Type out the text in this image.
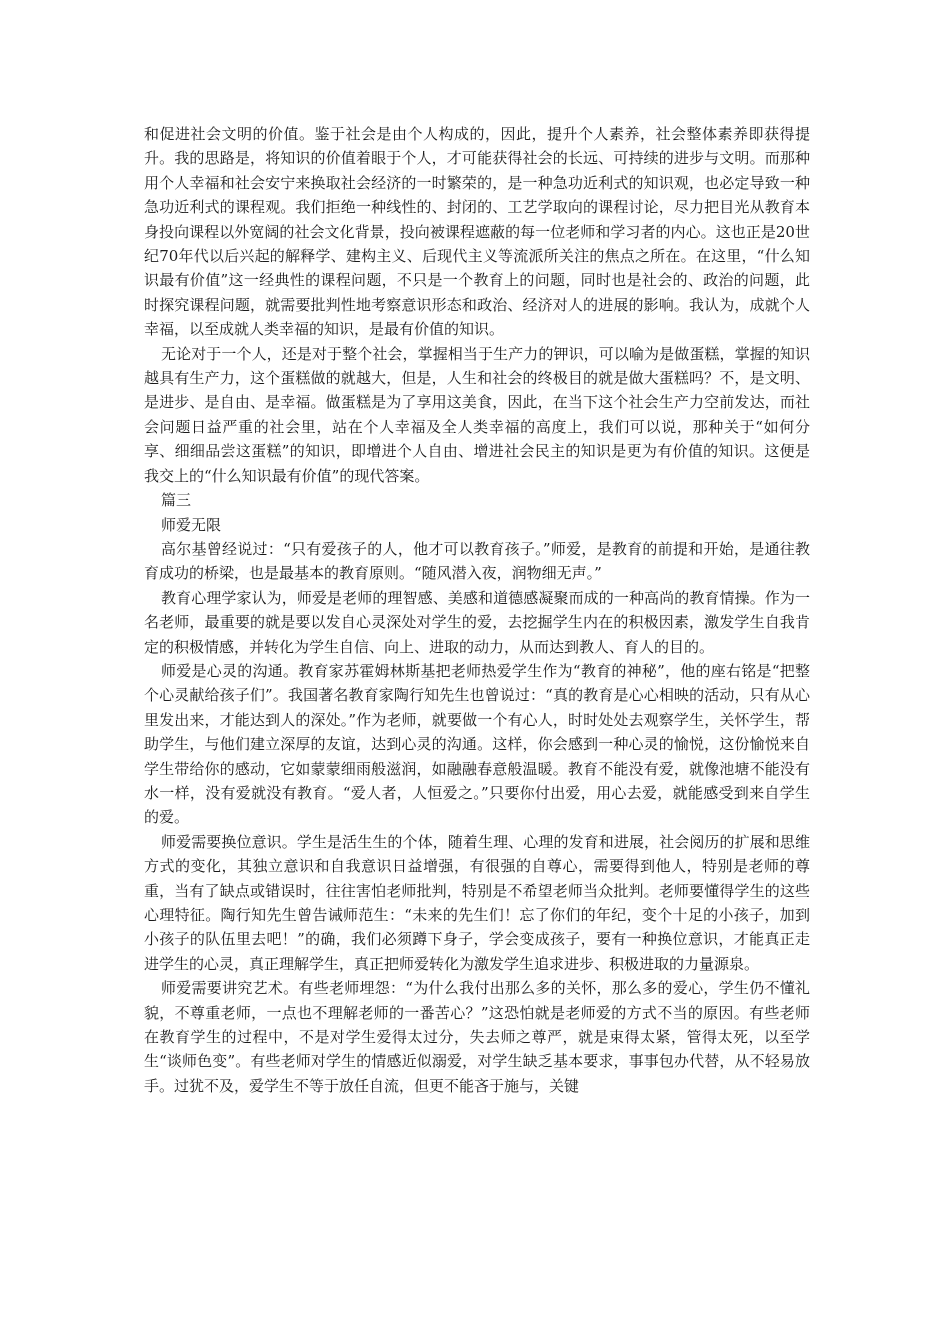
和促进社会文明的价值。鉴于社会是由个人构成的，因此，提升个人素养，社会整体素养即获得提升。我的思路是，将知识的价值着眼于个人，才可能获得社会的长远、可持续的进步与文明。而那种用个人幸福和社会安宁来换取社会经济的一时繁荣的，是一种急功近利式的知识观，也必定导致一种急功近利式的课程观。我们拒绝一种线性的、封闭的、工艺学取向的课程讨论，尽力把目光从教育本身投向课程以外宽阔的社会文化背景，投向被课程遮蔽的每一位老师和学习者的内心。这也正是20世纪70年代以后兴起的解释学、建构主义、后现代主义等流派所关注的焦点之所在。在这里，“什么知识最有价值”这一经典性的课程问题，不只是一个教育上的问题，同时也是社会的、政治的问题，此时探究课程问题，就需要批判性地考察意识形态和政治、经济对人的进展的影响。我认为，成就个人幸福，以至成就人类幸福的知识，是最有价值的知识。

无论对于一个人，还是对于整个社会，掌握相当于生产力的钾识，可以喻为是做蛋糕，掌握的知识越具有生产力，这个蛋糕做的就越大，但是，人生和社会的终极目的就是做大蛋糕吗？不，是文明、是进步、是自由、是幸福。做蛋糕是为了享用这美食，因此，在当下这个社会生产力空前发达，而社会问题日益严重的社会里，站在个人幸福及全人类幸福的高度上，我们可以说，那种关于“如何分享、细细品尝这蛋糕”的知识，即增进个人自由、增进社会民主的知识是更为有价值的知识。这便是我交上的“什么知识最有价值”的现代答案。

篇三

师爱无限

高尔基曾经说过：“只有爱孩子的人，他才可以教育孩子。”师爱，是教育的前提和开始，是通往教育成功的桥梁，也是最基本的教育原则。“随风潜入夜，润物细无声。”

教育心理学家认为，师爱是老师的理智感、美感和道德感凝聚而成的一种高尚的教育情操。作为一名老师，最重要的就是要以发自心灵深处对学生的爱，去挖掘学生内在的积极因素，激发学生自我肯定的积极情感，并转化为学生自信、向上、进取的动力，从而达到教人、育人的目的。

师爱是心灵的沟通。教育家苏霍姆林斯基把老师热爱学生作为“教育的神秘”，他的座右铭是“把整个心灵献给孩子们”。我国著名教育家陶行知先生也曾说过：“真的教育是心心相映的活动，只有从心里发出来，才能达到人的深处。”作为老师，就要做一个有心人，时时处处去观察学生，关怀学生，帮助学生，与他们建立深厚的友谊，达到心灵的沟通。这样，你会感到一种心灵的愉悦，这份愉悦来自学生带给你的感动，它如蒙蒙细雨般滋润，如融融春意般温暖。教育不能没有爱，就像池塘不能没有水一样，没有爱就没有教育。“爱人者，人恒爱之。”只要你付出爱，用心去爱，就能感受到来自学生的爱。

师爱需要换位意识。学生是活生生的个体，随着生理、心理的发育和进展，社会阅历的扩展和思维方式的变化，其独立意识和自我意识日益增强，有很强的自尊心，需要得到他人，特别是老师的尊重，当有了缺点或错误时，往往害怕老师批判，特别是不希望老师当众批判。老师要懂得学生的这些心理特征。陶行知先生曾告诫师范生：“未来的先生们！忘了你们的年纪，变个十足的小孩子，加到小孩子的队伍里去吧！”的确，我们必须蹲下身子，学会变成孩子，要有一种换位意识，才能真正走进学生的心灵，真正理解学生，真正把师爱转化为激发学生追求进步、积极进取的力量源泉。

师爱需要讲究艺术。有些老师埋怨：“为什么我付出那么多的关怀，那么多的爱心，学生仍不懂礼貌，不尊重老师，一点也不理解老师的一番苦心？”这恐怕就是老师爱的方式不当的原因。有些老师在教育学生的过程中，不是对学生爱得太过分，失去师之尊严，就是束得太紧，管得太死，以至学生“谈师色变”。有些老师对学生的情感近似溺爱，对学生缺乏基本要求，事事包办代替，从不轻易放手。过犹不及，爱学生不等于放任自流，但更不能吝于施与，关键
